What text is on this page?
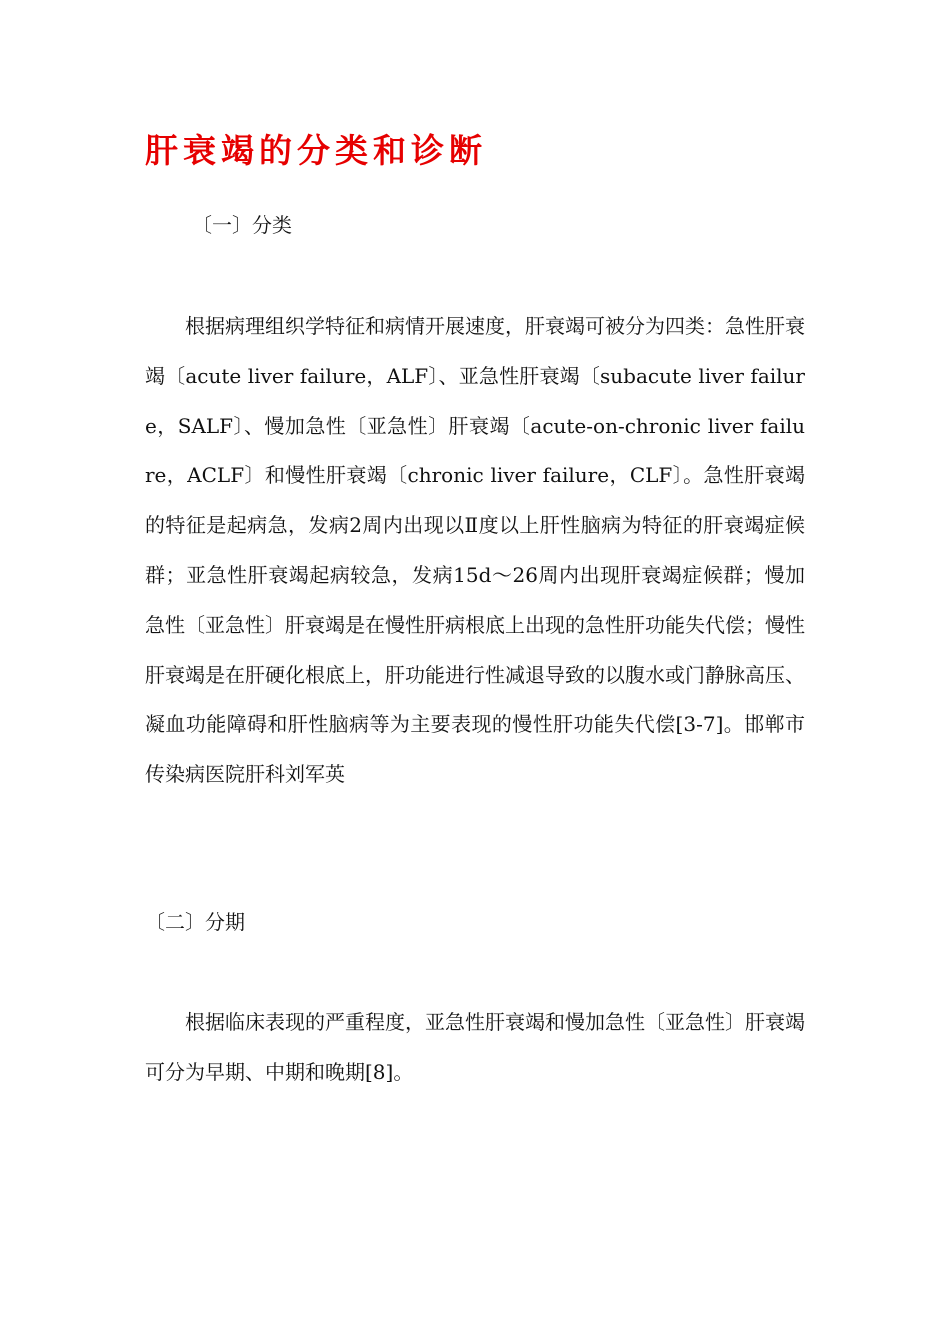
肝衰竭的分类和诊断
〔一〕分类

根据病理组织学特征和病情开展速度，肝衰竭可被分为四类：急性肝衰竭〔acute liver failure，ALF〕、亚急性肝衰竭〔subacute liver failure，SALF〕、慢加急性〔亚急性〕肝衰竭〔acute-on-chronic liver failure，ACLF〕和慢性肝衰竭〔chronic liver failure，CLF〕。急性肝衰竭的特征是起病急，发病2周内出现以Ⅱ度以上肝性脑病为特征的肝衰竭症候群；亚急性肝衰竭起病较急，发病15d～26周内出现肝衰竭症候群；慢加急性〔亚急性〕肝衰竭是在慢性肝病根底上出现的急性肝功能失代偿；慢性肝衰竭是在肝硬化根底上，肝功能进行性减退导致的以腹水或门静脉高压、凝血功能障碍和肝性脑病等为主要表现的慢性肝功能失代偿[3-7]。邯郸市传染病医院肝科刘军英

〔二〕分期

根据临床表现的严重程度，亚急性肝衰竭和慢加急性〔亚急性〕肝衰竭可分为早期、中期和晚期[8]。
